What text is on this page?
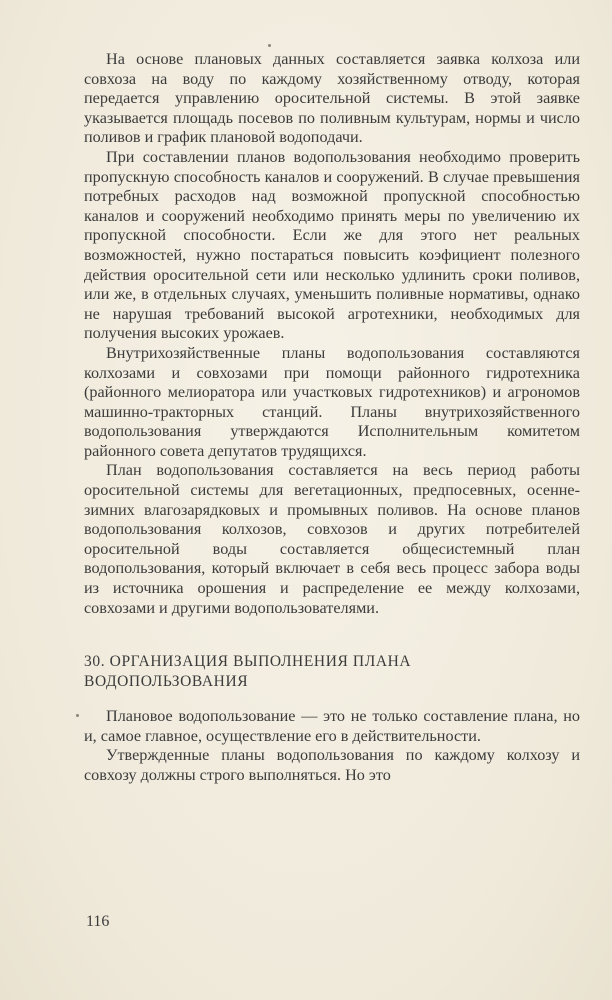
На основе плановых данных составляется заявка колхоза или совхоза на воду по каждому хозяйственному отводу, которая передается управлению оросительной системы. В этой заявке указывается площадь посевов по поливным культурам, нормы и число поливов и график плановой водоподачи.

При составлении планов водопользования необходимо проверить пропускную способность каналов и сооружений. В случае превышения потребных расходов над возможной пропускной способностью каналов и сооружений необходимо принять меры по увеличению их пропускной способности. Если же для этого нет реальных возможностей, нужно постараться повысить коэфициент полезного действия оросительной сети или несколько удлинить сроки поливов, или же, в отдельных случаях, уменьшить поливные нормативы, однако не нарушая требований высокой агротехники, необходимых для получения высоких урожаев.

Внутрихозяйственные планы водопользования составляются колхозами и совхозами при помощи районного гидротехника (районного мелиоратора или участковых гидротехников) и агрономов машинно-тракторных станций. Планы внутрихозяйственного водопользования утверждаются Исполнительным комитетом районного совета депутатов трудящихся.

План водопользования составляется на весь период работы оросительной системы для вегетационных, предпосевных, осенне-зимних влагозарядковых и промывных поливов. На основе планов водопользования колхозов, совхозов и других потребителей оросительной воды составляется общесистемный план водопользования, который включает в себя весь процесс забора воды из источника орошения и распределение ее между колхозами, совхозами и другими водопользователями.

30. ОРГАНИЗАЦИЯ ВЫПОЛНЕНИЯ ПЛАНА
ВОДОПОЛЬЗОВАНИЯ

Плановое водопользование — это не только составление плана, но и, самое главное, осуществление его в действительности.

Утвержденные планы водопользования по каждому колхозу и совхозу должны строго выполняться. Но это

116
